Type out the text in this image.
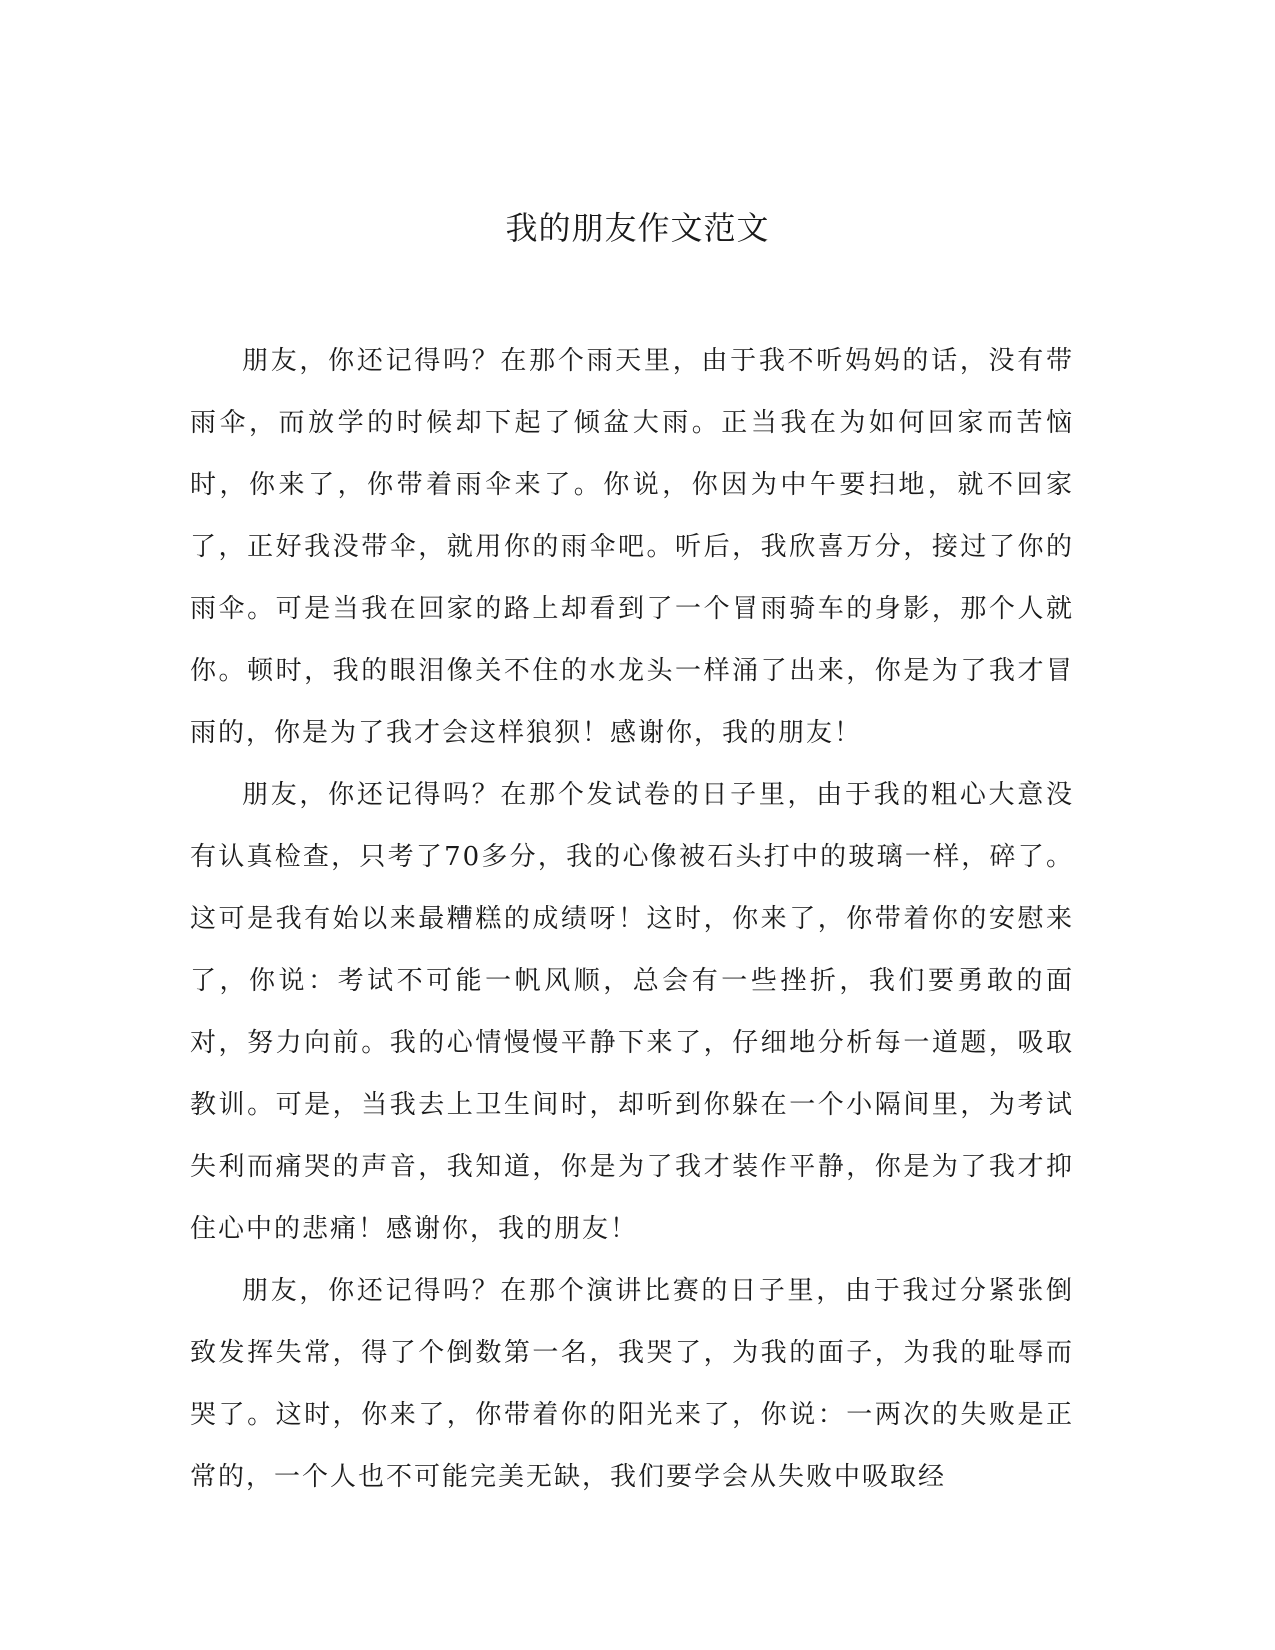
我的朋友作文范文

朋友，你还记得吗？在那个雨天里，由于我不听妈妈的话，没有带雨伞，而放学的时候却下起了倾盆大雨。正当我在为如何回家而苦恼时，你来了，你带着雨伞来了。你说，你因为中午要扫地，就不回家了，正好我没带伞，就用你的雨伞吧。听后，我欣喜万分，接过了你的雨伞。可是当我在回家的路上却看到了一个冒雨骑车的身影，那个人就你。顿时，我的眼泪像关不住的水龙头一样涌了出来，你是为了我才冒雨的，你是为了我才会这样狼狈！感谢你，我的朋友！

朋友，你还记得吗？在那个发试卷的日子里，由于我的粗心大意没有认真检查，只考了70多分，我的心像被石头打中的玻璃一样，碎了。这可是我有始以来最糟糕的成绩呀！这时，你来了，你带着你的安慰来了，你说：考试不可能一帆风顺，总会有一些挫折，我们要勇敢的面对，努力向前。我的心情慢慢平静下来了，仔细地分析每一道题，吸取教训。可是，当我去上卫生间时，却听到你躲在一个小隔间里，为考试失利而痛哭的声音，我知道，你是为了我才装作平静，你是为了我才抑住心中的悲痛！感谢你，我的朋友！

朋友，你还记得吗？在那个演讲比赛的日子里，由于我过分紧张倒致发挥失常，得了个倒数第一名，我哭了，为我的面子，为我的耻辱而哭了。这时，你来了，你带着你的阳光来了，你说：一两次的失败是正常的，一个人也不可能完美无缺，我们要学会从失败中吸取经
